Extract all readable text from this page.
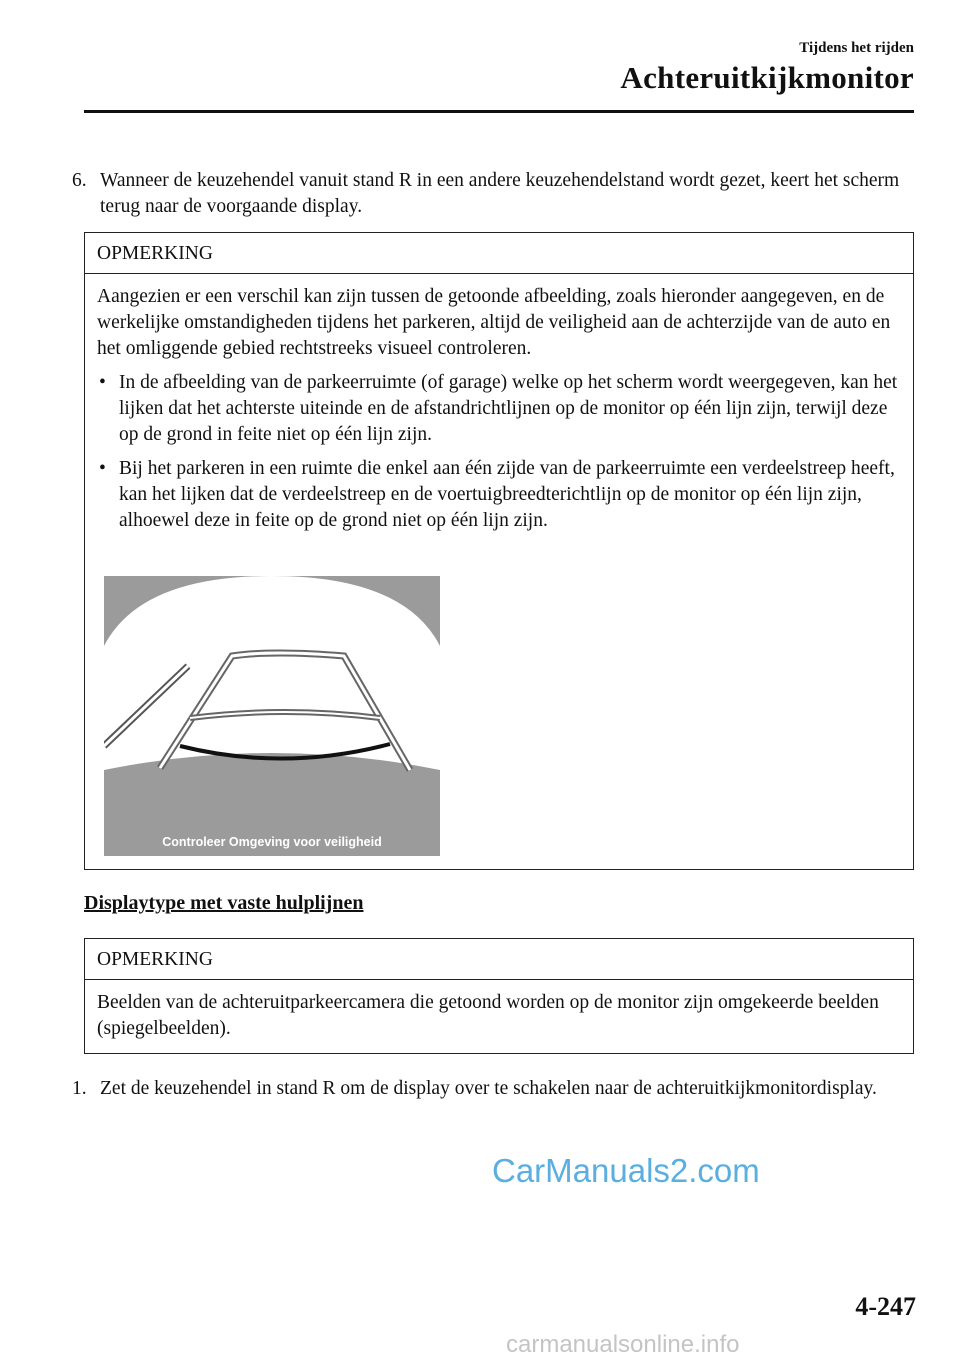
Tijdens het rijden
Achteruitkijkmonitor
6. Wanneer de keuzehendel vanuit stand R in een andere keuzehendelstand wordt gezet, keert het scherm terug naar de voorgaande display.
OPMERKING
Aangezien er een verschil kan zijn tussen de getoonde afbeelding, zoals hieronder aangegeven, en de werkelijke omstandigheden tijdens het parkeren, altijd de veiligheid aan de achterzijde van de auto en het omliggende gebied rechtstreeks visueel controleren.
• In de afbeelding van de parkeerruimte (of garage) welke op het scherm wordt weergegeven, kan het lijken dat het achterste uiteinde en de afstandrichtlijnen op de monitor op één lijn zijn, terwijl deze op de grond in feite niet op één lijn zijn.
• Bij het parkeren in een ruimte die enkel aan één zijde van de parkeerruimte een verdeelstreep heeft, kan het lijken dat de verdeelstreep en de voertuigbreedterichtlijn op de monitor op één lijn zijn, alhoewel deze in feite op de grond niet op één lijn zijn.
Controleer Omgeving voor veiligheid
Displaytype met vaste hulplijnen
OPMERKING
Beelden van de achteruitparkeercamera die getoond worden op de monitor zijn omgekeerde beelden (spiegelbeelden).
1. Zet de keuzehendel in stand R om de display over te schakelen naar de achteruitkijkmonitordisplay.
CarManuals2.com
4-247
carmanualsonline.info
